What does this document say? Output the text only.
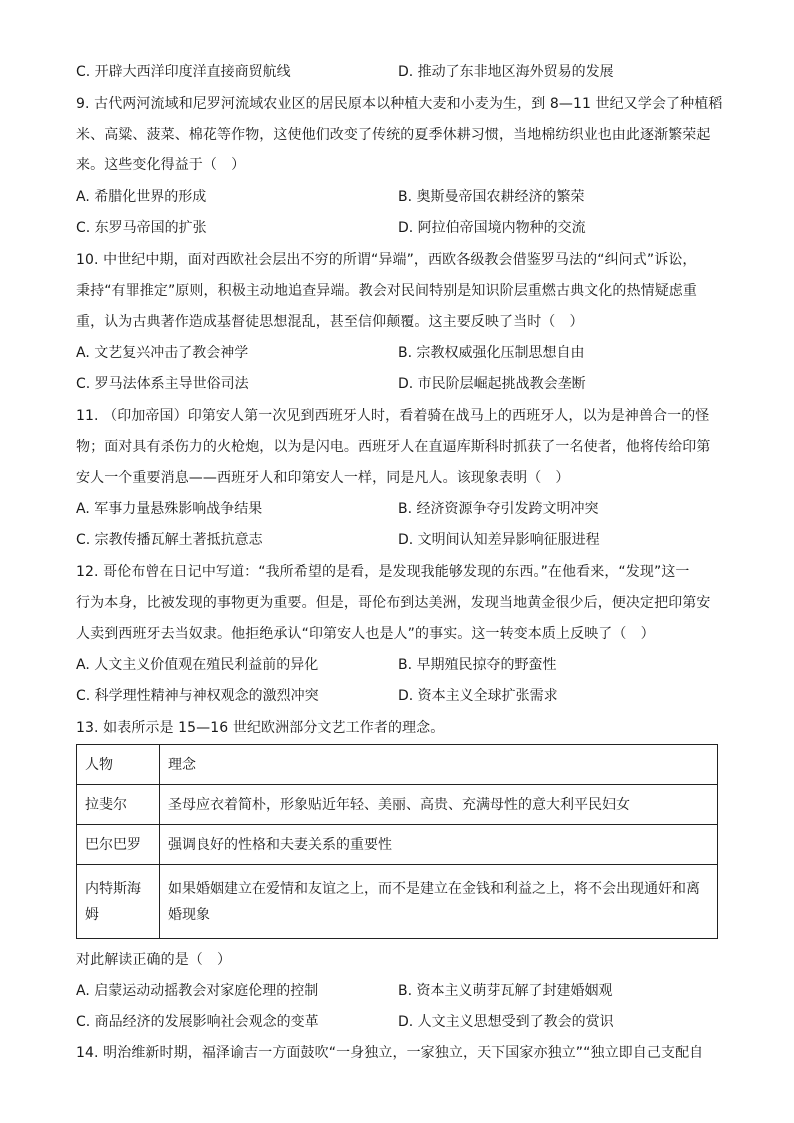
C. 开辟大西洋印度洋直接商贸航线	D. 推动了东非地区海外贸易的发展
9. 古代两河流域和尼罗河流域农业区的居民原本以种植大麦和小麦为生，到 8—11 世纪又学会了种植稻
米、高粱、菠菜、棉花等作物，这使他们改变了传统的夏季休耕习惯，当地棉纺织业也由此逐渐繁荣起
来。这些变化得益于（　）
A. 希腊化世界的形成	B. 奥斯曼帝国农耕经济的繁荣
C. 东罗马帝国的扩张	D. 阿拉伯帝国境内物种的交流
10. 中世纪中期，面对西欧社会层出不穷的所谓“异端”，西欧各级教会借鉴罗马法的“纠问式”诉讼，
秉持“有罪推定”原则，积极主动地追查异端。教会对民间特别是知识阶层重燃古典文化的热情疑虑重
重，认为古典著作造成基督徒思想混乱，甚至信仰颠覆。这主要反映了当时（　）
A. 文艺复兴冲击了教会神学	B. 宗教权威强化压制思想自由
C. 罗马法体系主导世俗司法	D. 市民阶层崛起挑战教会垄断
11. （印加帝国）印第安人第一次见到西班牙人时，看着骑在战马上的西班牙人，以为是神兽合一的怪
物；面对具有杀伤力的火枪炮，以为是闪电。西班牙人在直逼库斯科时抓获了一名使者，他将传给印第
安人一个重要消息——西班牙人和印第安人一样，同是凡人。该现象表明（　）
A. 军事力量悬殊影响战争结果	B. 经济资源争夺引发跨文明冲突
C. 宗教传播瓦解土著抵抗意志	D. 文明间认知差异影响征服进程
12. 哥伦布曾在日记中写道：“我所希望的是看，是发现我能够发现的东西。”在他看来，“发现”这一
行为本身，比被发现的事物更为重要。但是，哥伦布到达美洲，发现当地黄金很少后，便决定把印第安
人卖到西班牙去当奴隶。他拒绝承认“印第安人也是人”的事实。这一转变本质上反映了（　）
A. 人文主义价值观在殖民利益前的异化	B. 早期殖民掠夺的野蛮性
C. 科学理性精神与神权观念的激烈冲突	D. 资本主义全球扩张需求
13. 如表所示是 15—16 世纪欧洲部分文艺工作者的理念。
人物	理念
拉斐尔	圣母应衣着简朴，形象贴近年轻、美丽、高贵、充满母性的意大利平民妇女
巴尔巴罗	强调良好的性格和夫妻关系的重要性
内特斯海姆	如果婚姻建立在爱情和友谊之上，而不是建立在金钱和利益之上，将不会出现通奸和离婚现象
对此解读正确的是（　）
A. 启蒙运动动摇教会对家庭伦理的控制	B. 资本主义萌芽瓦解了封建婚姻观
C. 商品经济的发展影响社会观念的变革	D. 人文主义思想受到了教会的赏识
14. 明治维新时期，福泽谕吉一方面鼓吹“一身独立，一家独立，天下国家亦独立”“独立即自己支配自
